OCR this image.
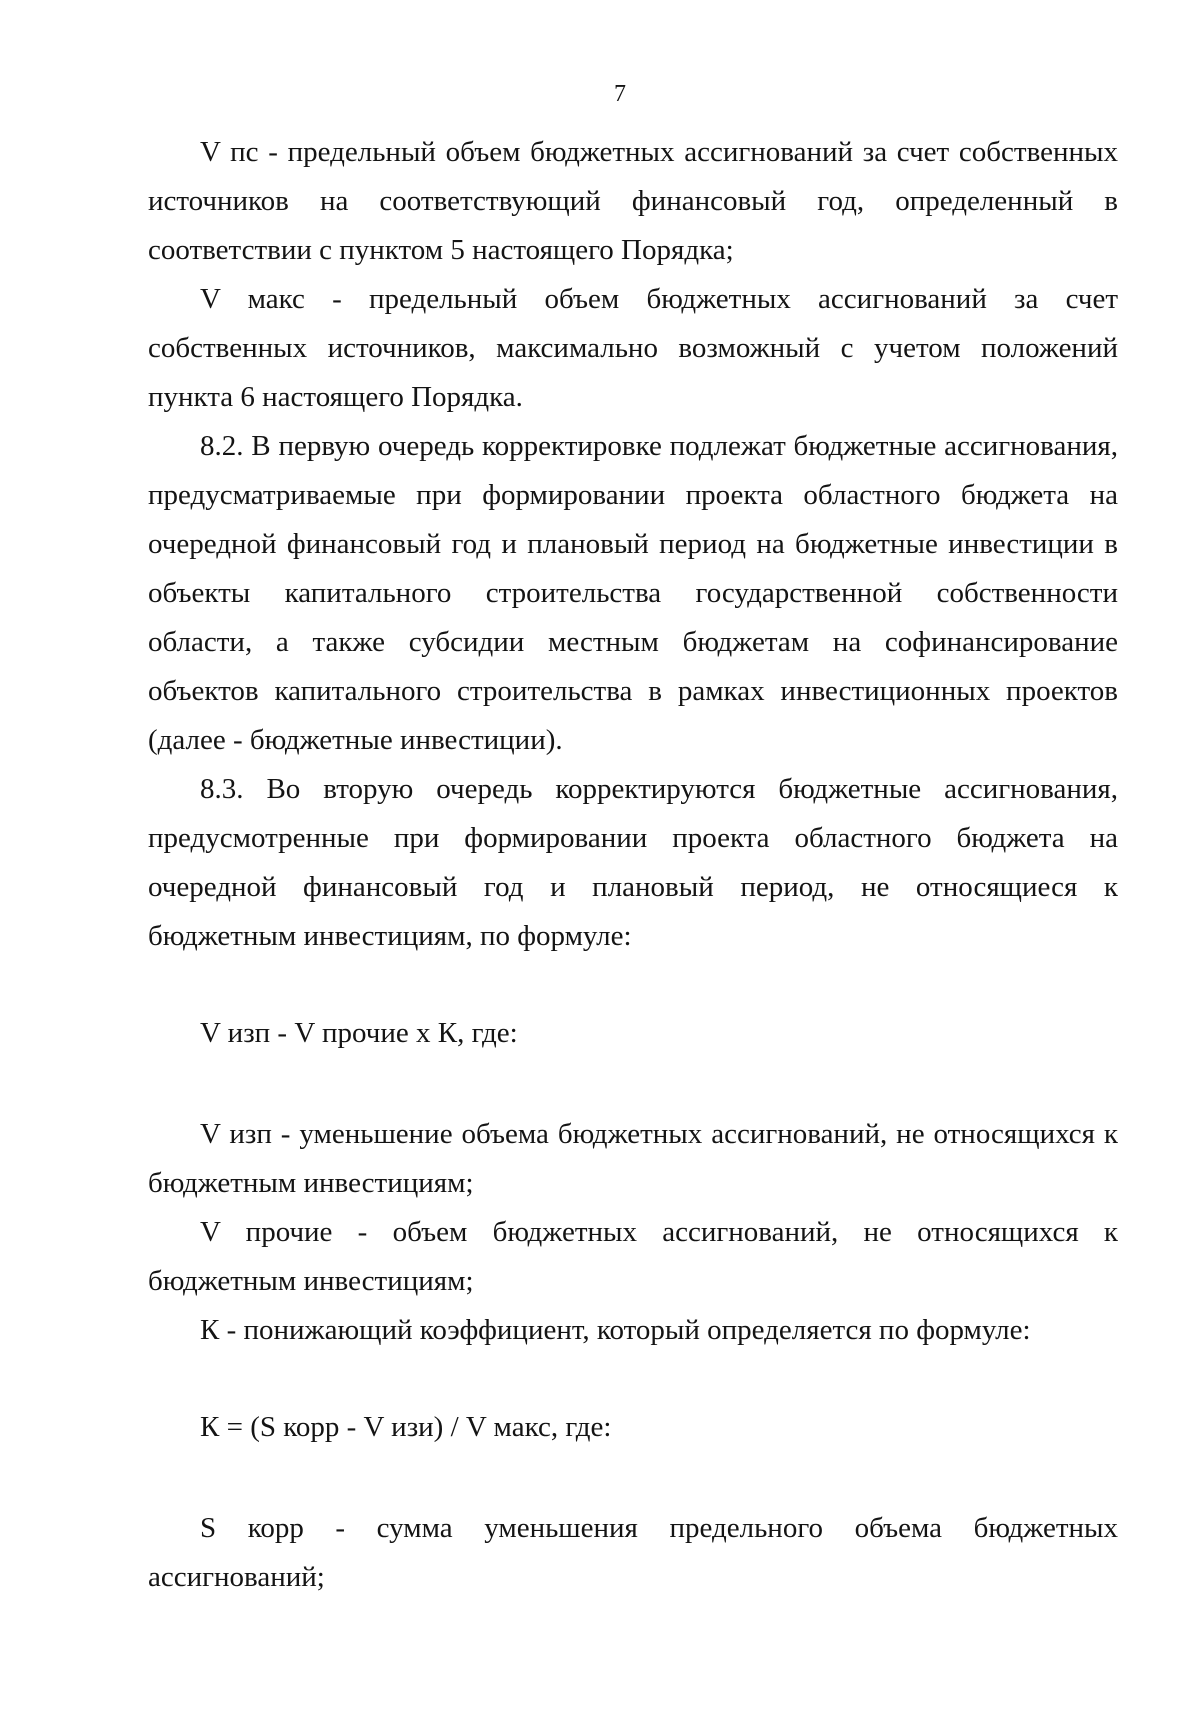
7

V пс - предельный объем бюджетных ассигнований за счет собственных источников на соответствующий финансовый год, определенный в соответствии с пунктом 5 настоящего Порядка;

V макс - предельный объем бюджетных ассигнований за счет собственных источников, максимально возможный с учетом положений пункта 6 настоящего Порядка.

8.2. В первую очередь корректировке подлежат бюджетные ассигнования, предусматриваемые при формировании проекта областного бюджета на очередной финансовый год и плановый период на бюджетные инвестиции в объекты капитального строительства государственной собственности области, а также субсидии местным бюджетам на софинансирование объектов капитального строительства в рамках инвестиционных проектов (далее - бюджетные инвестиции).

8.3. Во вторую очередь корректируются бюджетные ассигнования, предусмотренные при формировании проекта областного бюджета на очередной финансовый год и плановый период, не относящиеся к бюджетным инвестициям, по формуле:

V изп - V прочие x К, где:

V изп - уменьшение объема бюджетных ассигнований, не относящихся к бюджетным инвестициям;

V прочие - объем бюджетных ассигнований, не относящихся к бюджетным инвестициям;

К - понижающий коэффициент, который определяется по формуле:

К = (S корр - V изи) / V макс, где:

S корр - сумма уменьшения предельного объема бюджетных ассигнований;
